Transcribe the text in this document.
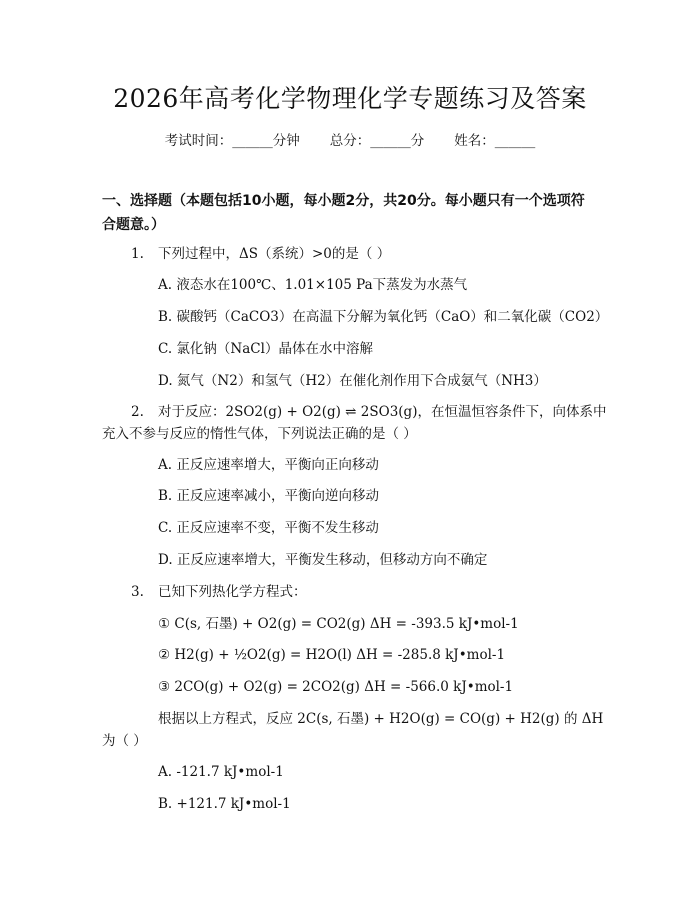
2026年高考化学物理化学专题练习及答案
考试时间：______分钟 总分：______分 姓名：______
一、选择题（本题包括10小题，每小题2分，共20分。每小题只有一个选项符
合题意。）
1. 下列过程中，ΔS（系统）>0的是（ ）
A. 液态水在100℃、1.01×105 Pa下蒸发为水蒸气
B. 碳酸钙（CaCO3）在高温下分解为氧化钙（CaO）和二氧化碳（CO2）
C. 氯化钠（NaCl）晶体在水中溶解
D. 氮气（N2）和氢气（H2）在催化剂作用下合成氨气（NH3）
2. 对于反应：2SO2(g) + O2(g) ⇌ 2SO3(g)，在恒温恒容条件下，向体系中
充入不参与反应的惰性气体，下列说法正确的是（ ）
A. 正反应速率增大，平衡向正向移动
B. 正反应速率减小，平衡向逆向移动
C. 正反应速率不变，平衡不发生移动
D. 正反应速率增大，平衡发生移动，但移动方向不确定
3. 已知下列热化学方程式：
① C(s, 石墨) + O2(g) = CO2(g) ΔH = -393.5 kJ•mol-1
② H2(g) + ½O2(g) = H2O(l) ΔH = -285.8 kJ•mol-1
③ 2CO(g) + O2(g) = 2CO2(g) ΔH = -566.0 kJ•mol-1
根据以上方程式，反应 2C(s, 石墨) + H2O(g) = CO(g) + H2(g) 的 ΔH
为（ ）
A. -121.7 kJ•mol-1
B. +121.7 kJ•mol-1
